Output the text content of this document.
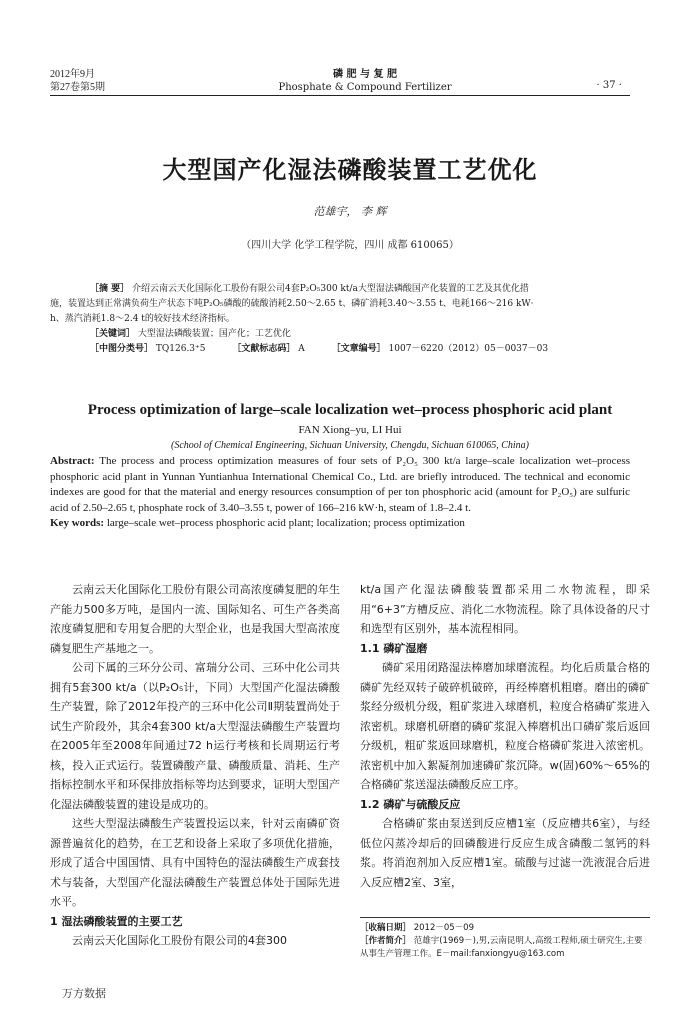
2012年9月
第27卷第5期
磷 肥 与 复 肥
Phosphate & Compound Fertilizer	· 37 ·
大型国产化湿法磷酸装置工艺优化
范雄宇， 李 辉
（四川大学 化学工程学院，四川 成都 610065）
［摘 要］ 介绍云南云天化国际化工股份有限公司4套P₂O₅300 kt/a大型湿法磷酸国产化装置的工艺及其优化措
施，装置达到正常满负荷生产状态下吨P₂O₅磷酸的硫酸消耗2.50～2.65 t、磷矿消耗3.40～3.55 t、电耗166～216 kW·
h、蒸汽消耗1.8～2.4 t的较好技术经济指标。
［关键词］ 大型湿法磷酸装置；国产化；工艺优化
［中图分类号］ TQ126.3⁺5	［文献标志码］ A	［文章编号］ 1007－6220（2012）05－0037－03
Process optimization of large–scale localization wet–process phosphoric acid plant
FAN Xiong–yu, LI Hui
(School of Chemical Engineering, Sichuan University, Chengdu, Sichuan 610065, China)
Abstract: The process and process optimization measures of four sets of P₂O₅ 300 kt/a large–scale localization wet–process phosphoric acid plant in Yunnan Yuntianhua International Chemical Co., Ltd. are briefly introduced. The technical and economic indexes are good for that the material and energy resources consumption of per ton phosphoric acid (amount for P₂O₅) are sulfuric acid of 2.50–2.65 t, phosphate rock of 3.40–3.55 t, power of 166–216 kW·h, steam of 1.8–2.4 t.
Key words: large–scale wet–process phosphoric acid plant; localization; process optimization

云南云天化国际化工股份有限公司高浓度磷复肥的年生产能力500多万吨，是国内一流、国际知名、可生产各类高浓度磷复肥和专用复合肥的大型企业，也是我国大型高浓度磷复肥生产基地之一。

公司下属的三环分公司、富瑞分公司、三环中化公司共拥有5套300 kt/a（以P₂O₅计，下同）大型国产化湿法磷酸生产装置，除了2012年投产的三环中化公司Ⅱ期装置尚处于试生产阶段外，其余4套300 kt/a大型湿法磷酸生产装置均在2005年至2008年间通过72 h运行考核和长周期运行考核，投入正式运行。装置磷酸产量、磷酸质量、消耗、生产指标控制水平和环保排放指标等均达到要求，证明大型国产化湿法磷酸装置的建设是成功的。

这些大型湿法磷酸生产装置投运以来，针对云南磷矿资源普遍贫化的趋势，在工艺和设备上采取了多项优化措施，形成了适合中国国情、具有中国特色的湿法磷酸生产成套技术与装备，大型国产化湿法磷酸生产装置总体处于国际先进水平。

1 湿法磷酸装置的主要工艺

云南云天化国际化工股份有限公司的4套300

kt/a国产化湿法磷酸装置都采用二水物流程，即采用“6+3”方槽反应、消化二水物流程。除了具体设备的尺寸和选型有区别外，基本流程相同。

1.1 磷矿湿磨

磷矿采用闭路湿法棒磨加球磨流程。均化后质量合格的磷矿先经双转子破碎机破碎，再经棒磨机粗磨。磨出的磷矿浆经分级机分级，粗矿浆进入球磨机，粒度合格磷矿浆进入浓密机。球磨机研磨的磷矿浆混入棒磨机出口磷矿浆后返回分级机，粗矿浆返回球磨机，粒度合格磷矿浆进入浓密机。浓密机中加入絮凝剂加速磷矿浆沉降。w(固)60%～65%的合格磷矿浆送湿法磷酸反应工序。

1.2 磷矿与硫酸反应

合格磷矿浆由泵送到反应槽1室（反应槽共6室），与经低位闪蒸冷却后的回磷酸进行反应生成含磷酸二氢钙的料浆。将消泡剂加入反应槽1室。硫酸与过滤一洗液混合后进入反应槽2室、3室，

［收稿日期］ 2012－05－09
［作者简介］ 范雄宇(1969－),男,云南昆明人,高级工程师,硕士研究生,主要从事生产管理工作。E－mail:fanxiongyu@163.com
万方数据
